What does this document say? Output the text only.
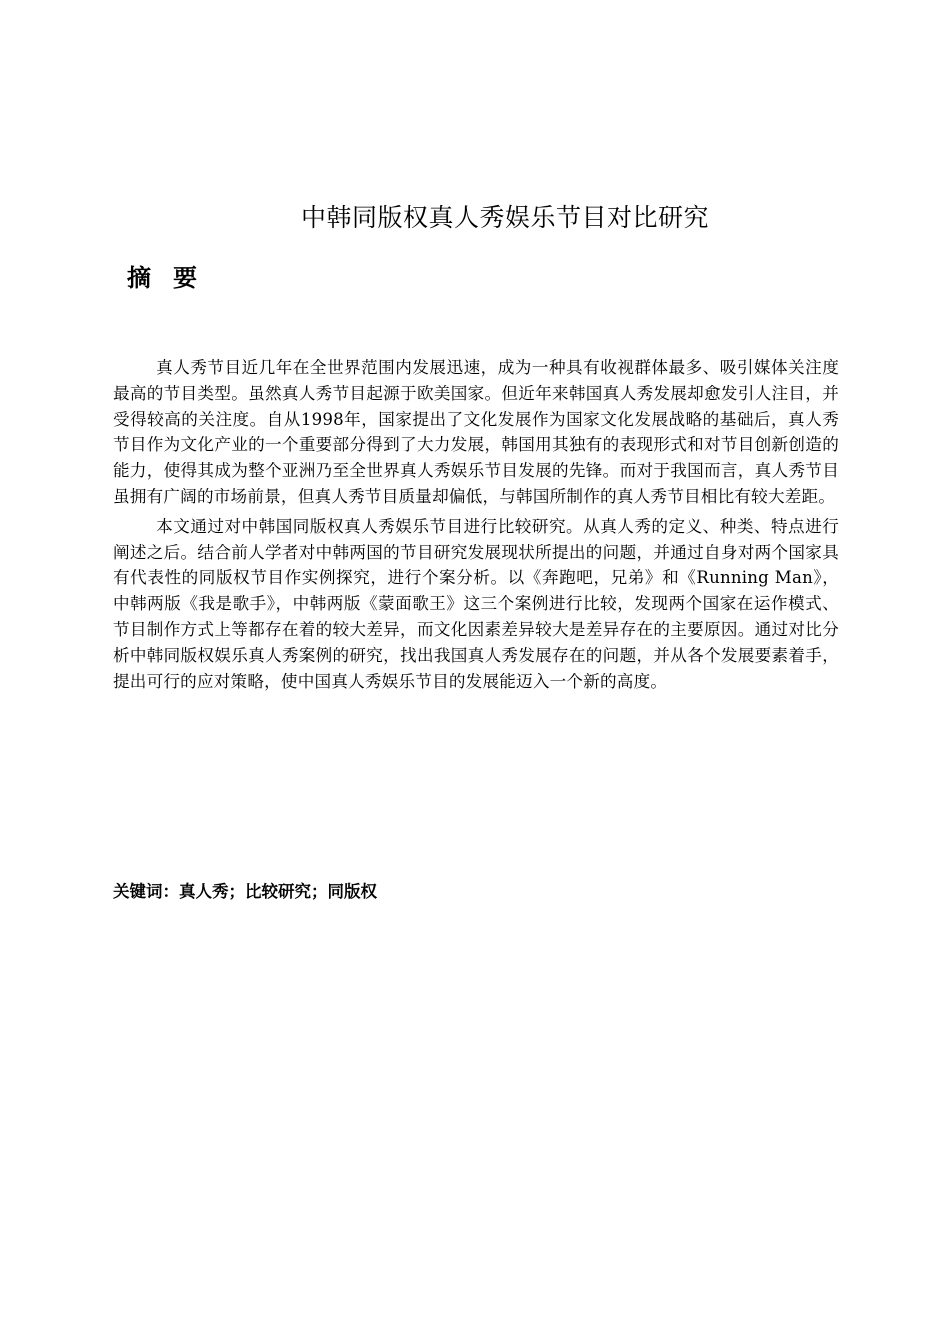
中韩同版权真人秀娱乐节目对比研究
摘要

真人秀节目近几年在全世界范围内发展迅速，成为一种具有收视群体最多、吸引媒体关注度最高的节目类型。虽然真人秀节目起源于欧美国家。但近年来韩国真人秀发展却愈发引人注目，并受得较高的关注度。自从1998年，国家提出了文化发展作为国家文化发展战略的基础后，真人秀节目作为文化产业的一个重要部分得到了大力发展，韩国用其独有的表现形式和对节目创新创造的能力，使得其成为整个亚洲乃至全世界真人秀娱乐节目发展的先锋。而对于我国而言，真人秀节目虽拥有广阔的市场前景，但真人秀节目质量却偏低，与韩国所制作的真人秀节目相比有较大差距。

本文通过对中韩国同版权真人秀娱乐节目进行比较研究。从真人秀的定义、种类、特点进行阐述之后。结合前人学者对中韩两国的节目研究发展现状所提出的问题，并通过自身对两个国家具有代表性的同版权节目作实例探究，进行个案分析。以《奔跑吧，兄弟》和《Running Man》，中韩两版《我是歌手》，中韩两版《蒙面歌王》这三个案例进行比较，发现两个国家在运作模式、节目制作方式上等都存在着的较大差异，而文化因素差异较大是差异存在的主要原因。通过对比分析中韩同版权娱乐真人秀案例的研究，找出我国真人秀发展存在的问题，并从各个发展要素着手，提出可行的应对策略，使中国真人秀娱乐节目的发展能迈入一个新的高度。

关键词：真人秀；比较研究；同版权
